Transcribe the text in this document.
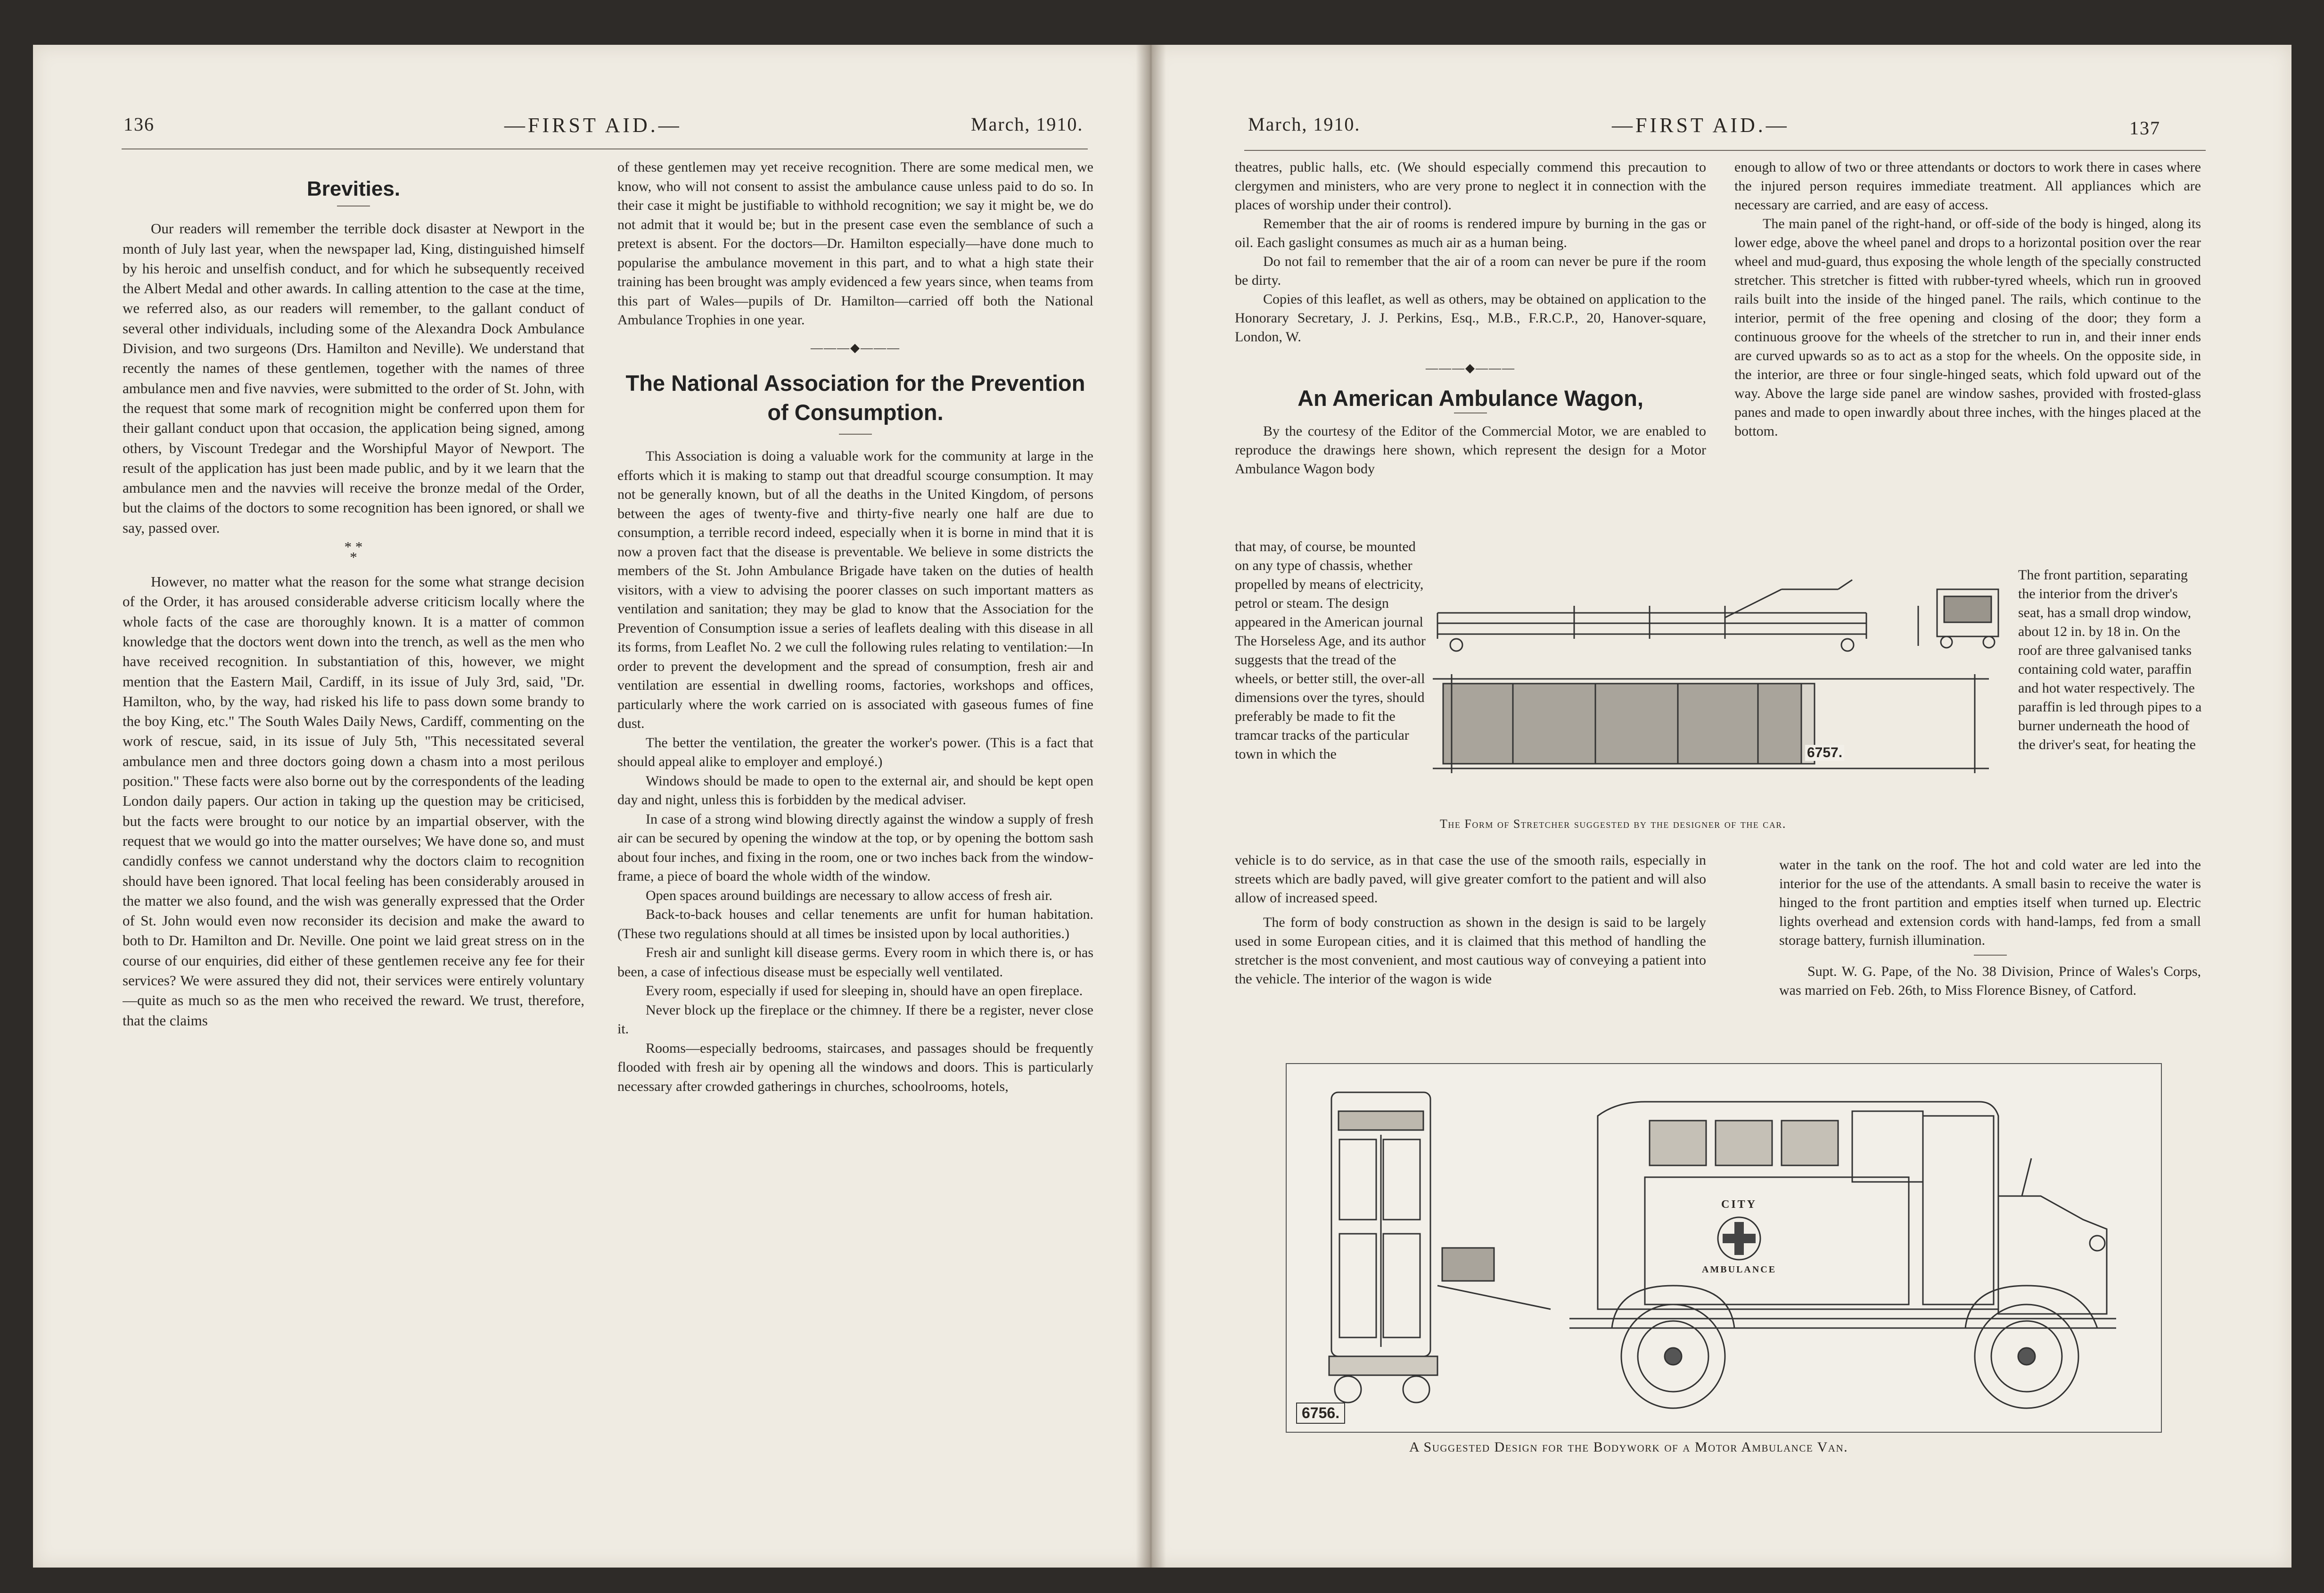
136	—FIRST AID.—	March, 1910.
Brevities.

Our readers will remember the terrible dock disaster at Newport in the month of July last year, when the newspaper lad, King, distinguished himself by his heroic and unselfish conduct, and for which he subsequently received the Albert Medal and other awards. In calling attention to the case at the time, we referred also, as our readers will remember, to the gallant conduct of several other individuals, including some of the Alexandra Dock Ambulance Division, and two surgeons (Drs. Hamilton and Neville). We understand that recently the names of these gentlemen, together with the names of three ambulance men and five navvies, were submitted to the order of St. John, with the request that some mark of recognition might be conferred upon them for their gallant conduct upon that occasion, the application being signed, among others, by Viscount Tredegar and the Worshipful Mayor of Newport. The result of the application has just been made public, and by it we learn that the ambulance men and the navvies will receive the bronze medal of the Order, but the claims of the doctors to some recognition has been ignored, or shall we say, passed over.

* *
*

However, no matter what the reason for the some what strange decision of the Order, it has aroused considerable adverse criticism locally where the whole facts of the case are thoroughly known. It is a matter of common knowledge that the doctors went down into the trench, as well as the men who have received recognition. In substantiation of this, however, we might mention that the Eastern Mail, Cardiff, in its issue of July 3rd, said, "Dr. Hamilton, who, by the way, had risked his life to pass down some brandy to the boy King, etc." The South Wales Daily News, Cardiff, commenting on the work of rescue, said, in its issue of July 5th, "This necessitated several ambulance men and three doctors going down a chasm into a most perilous position." These facts were also borne out by the correspondents of the leading London daily papers. Our action in taking up the question may be criticised, but the facts were brought to our notice by an impartial observer, with the request that we would go into the matter ourselves; We have done so, and must candidly confess we cannot understand why the doctors claim to recognition should have been ignored. That local feeling has been considerably aroused in the matter we also found, and the wish was generally expressed that the Order of St. John would even now reconsider its decision and make the award to both to Dr. Hamilton and Dr. Neville. One point we laid great stress on in the course of our enquiries, did either of these gentlemen receive any fee for their services? We were assured they did not, their services were entirely voluntary—quite as much so as the men who received the reward. We trust, therefore, that the claims

of these gentlemen may yet receive recognition. There are some medical men, we know, who will not consent to assist the ambulance cause unless paid to do so. In their case it might be justifiable to withhold recognition; we say it might be, we do not admit that it would be; but in the present case even the semblance of such a pretext is absent. For the doctors—Dr. Hamilton especially—have done much to popularise the ambulance movement in this part, and to what a high state their training has been brought was amply evidenced a few years since, when teams from this part of Wales—pupils of Dr. Hamilton—carried off both the National Ambulance Trophies in one year.

———◆———
The National Association for the Prevention of Consumption.

This Association is doing a valuable work for the community at large in the efforts which it is making to stamp out that dreadful scourge consumption. It may not be generally known, but of all the deaths in the United Kingdom, of persons between the ages of twenty-five and thirty-five nearly one half are due to consumption, a terrible record indeed, especially when it is borne in mind that it is now a proven fact that the disease is preventable. We believe in some districts the members of the St. John Ambulance Brigade have taken on the duties of health visitors, with a view to advising the poorer classes on such important matters as ventilation and sanitation; they may be glad to know that the Association for the Prevention of Consumption issue a series of leaflets dealing with this disease in all its forms, from Leaflet No. 2 we cull the following rules relating to ventilation:—In order to prevent the development and the spread of consumption, fresh air and ventilation are essential in dwelling rooms, factories, workshops and offices, particularly where the work carried on is associated with gaseous fumes of fine dust.

The better the ventilation, the greater the worker's power. (This is a fact that should appeal alike to employer and employé.)

Windows should be made to open to the external air, and should be kept open day and night, unless this is forbidden by the medical adviser.

In case of a strong wind blowing directly against the window a supply of fresh air can be secured by opening the window at the top, or by opening the bottom sash about four inches, and fixing in the room, one or two inches back from the window-frame, a piece of board the whole width of the window.

Open spaces around buildings are necessary to allow access of fresh air.

Back-to-back houses and cellar tenements are unfit for human habitation. (These two regulations should at all times be insisted upon by local authorities.)

Fresh air and sunlight kill disease germs. Every room in which there is, or has been, a case of infectious disease must be especially well ventilated.

Every room, especially if used for sleeping in, should have an open fireplace.

Never block up the fireplace or the chimney. If there be a register, never close it.

Rooms—especially bedrooms, staircases, and passages should be frequently flooded with fresh air by opening all the windows and doors. This is particularly necessary after crowded gatherings in churches, schoolrooms, hotels,

March, 1910.	—FIRST AID.—	137

theatres, public halls, etc. (We should especially commend this precaution to clergymen and ministers, who are very prone to neglect it in connection with the places of worship under their control).

Remember that the air of rooms is rendered impure by burning in the gas or oil. Each gaslight consumes as much air as a human being.

Do not fail to remember that the air of a room can never be pure if the room be dirty.

Copies of this leaflet, as well as others, may be obtained on application to the Honorary Secretary, J. J. Perkins, Esq., M.B., F.R.C.P., 20, Hanover-square, London, W.

———◆———
An American Ambulance Wagon,

By the courtesy of the Editor of the Commercial Motor, we are enabled to reproduce the drawings here shown, which represent the design for a Motor Ambulance Wagon body

that may, of course, be mounted on any type of chassis, whether propelled by means of electricity, petrol or steam. The design appeared in the American journal The Horseless Age, and its author suggests that the tread of the wheels, or better still, the over-all dimensions over the tyres, should preferably be made to fit the tramcar tracks of the particular town in which the	6757.
The Form of Stretcher suggested by the designer of the car.

vehicle is to do service, as in that case the use of the smooth rails, especially in streets which are badly paved, will give greater comfort to the patient and will also allow of increased speed.

The form of body construction as shown in the design is said to be largely used in some European cities, and it is claimed that this method of handling the stretcher is the most convenient, and most cautious way of conveying a patient into the vehicle. The interior of the wagon is wide

enough to allow of two or three attendants or doctors to work there in cases where the injured person requires immediate treatment. All appliances which are necessary are carried, and are easy of access.

The main panel of the right-hand, or off-side of the body is hinged, along its lower edge, above the wheel panel and drops to a horizontal position over the rear wheel and mud-guard, thus exposing the whole length of the specially constructed stretcher. This stretcher is fitted with rubber-tyred wheels, which run in grooved rails built into the inside of the hinged panel. The rails, which continue to the interior, permit of the free opening and closing of the door; they form a continuous groove for the wheels of the stretcher to run in, and their inner ends are curved upwards so as to act as a stop for the wheels. On the opposite side, in the interior, are three or four single-hinged seats, which fold upward out of the way. Above the large side panel are window sashes, provided with frosted-glass panes and made to open inwardly about three inches, with the hinges placed at the bottom.

The front partition, separating the interior from the driver's seat, has a small drop window, about 12 in. by 18 in. On the roof are three galvanised tanks containing cold water, paraffin and hot water respectively. The paraffin is led through pipes to a burner underneath the hood of the driver's seat, for heating the

water in the tank on the roof. The hot and cold water are led into the interior for the use of the attendants. A small basin to receive the water is hinged to the front partition and empties itself when turned up. Electric lights overhead and extension cords with hand-lamps, fed from a small storage battery, furnish illumination.

Supt. W. G. Pape, of the No. 38 Division, Prince of Wales's Corps, was married on Feb. 26th, to Miss Florence Bisney, of Catford.

CITY
AMBULANCE
6756.
A Suggested Design for the Bodywork of a Motor Ambulance Van.
